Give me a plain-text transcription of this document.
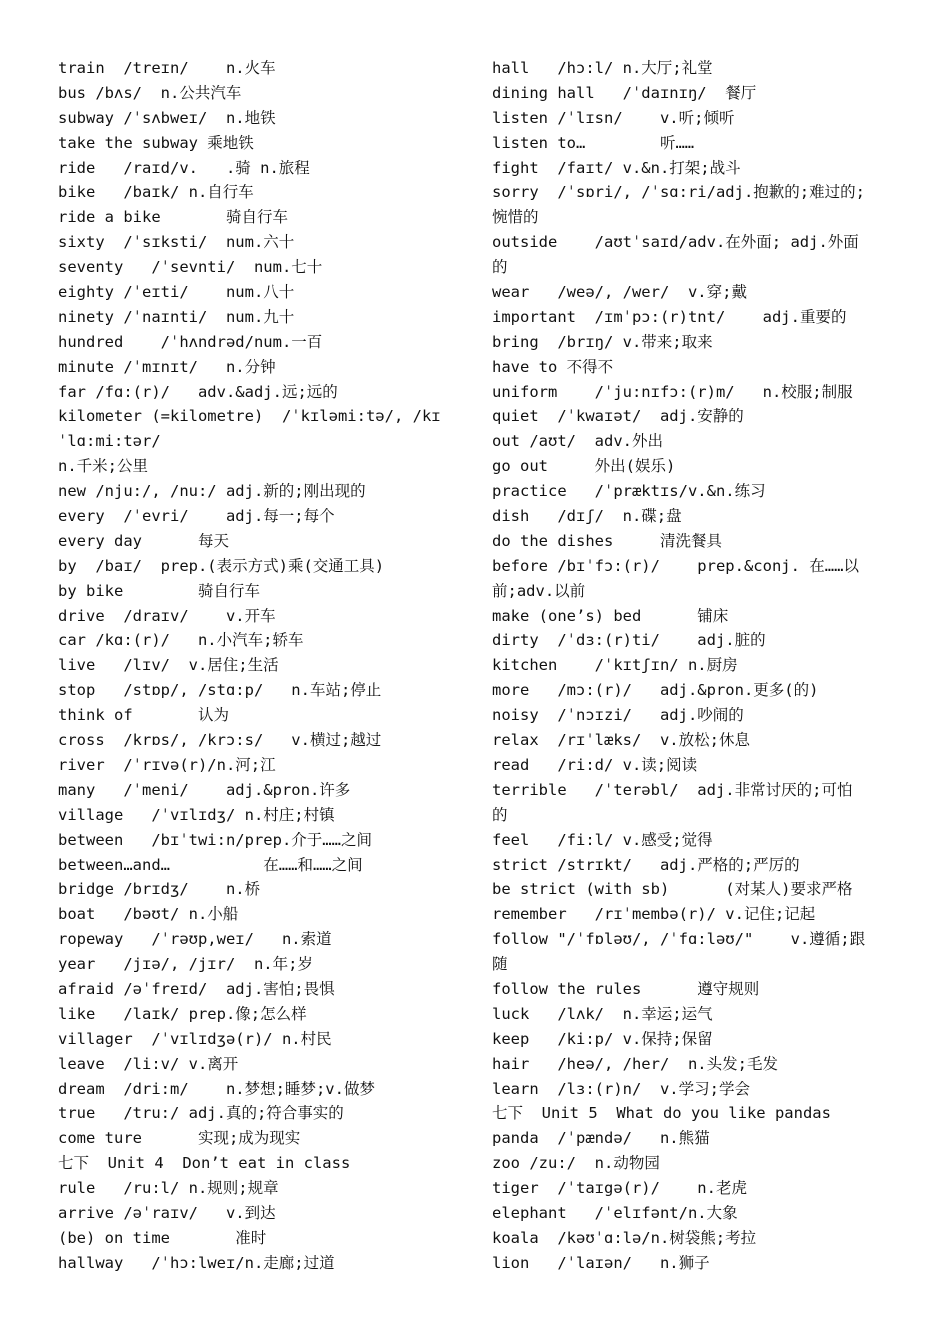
train  /treɪn/    n.火车
bus /bʌs/  n.公共汽车
subway /ˈsʌbweɪ/  n.地铁
take the subway 乘地铁
ride   /raɪd/v.   .骑 n.旅程
bike   /baɪk/ n.自行车
ride a bike       骑自行车
sixty  /ˈsɪksti/  num.六十
seventy   /ˈsevnti/  num.七十
eighty /ˈeɪti/    num.八十
ninety /ˈnaɪnti/  num.九十
hundred    /ˈhʌndrəd/num.一百
minute /ˈmɪnɪt/   n.分钟
far /fɑ:(r)/   adv.&adj.远;远的
kilometer (=kilometre)  /ˈkɪləmi:tə/, /kɪ
ˈlɑ:mi:tər/
n.千米;公里
new /nju:/, /nu:/ adj.新的;刚出现的
every  /ˈevri/    adj.每一;每个
every day      每天
by  /baɪ/  prep.(表示方式)乘(交通工具)
by bike        骑自行车
drive  /draɪv/    v.开车
car /kɑ:(r)/   n.小汽车;轿车
live   /lɪv/  v.居住;生活
stop   /stɒp/, /stɑ:p/   n.车站;停止
think of       认为
cross  /krɒs/, /krɔ:s/   v.横过;越过
river  /ˈrɪvə(r)/n.河;江
many   /ˈmeni/    adj.&pron.许多
village   /ˈvɪlɪdʒ/ n.村庄;村镇
between   /bɪˈtwi:n/prep.介于……之间
between…and…          在……和……之间
bridge /brɪdʒ/    n.桥
boat   /bəʊt/ n.小船
ropeway   /ˈrəʊp,weɪ/   n.索道
year   /jɪə/, /jɪr/  n.年;岁
afraid /əˈfreɪd/  adj.害怕;畏惧
like   /laɪk/ prep.像;怎么样
villager  /ˈvɪlɪdʒə(r)/ n.村民
leave  /li:v/ v.离开
dream  /dri:m/    n.梦想;睡梦;v.做梦
true   /tru:/ adj.真的;符合事实的
come ture      实现;成为现实
七下  Unit 4  Don’t eat in class
rule   /ru:l/ n.规则;规章
arrive /əˈraɪv/   v.到达
(be) on time       准时
hallway   /ˈhɔ:lweɪ/n.走廊;过道
hall   /hɔ:l/ n.大厅;礼堂
dining hall   /ˈdaɪnɪŋ/  餐厅
listen /ˈlɪsn/    v.听;倾听
listen to…        听……
fight  /faɪt/ v.&n.打架;战斗
sorry  /ˈsɒri/, /ˈsɑ:ri/adj.抱歉的;难过的;
惋惜的
outside    /aʊtˈsaɪd/adv.在外面; adj.外面
的
wear   /weə/, /wer/  v.穿;戴
important  /ɪmˈpɔ:(r)tnt/    adj.重要的
bring  /brɪŋ/ v.带来;取来
have to 不得不
uniform    /ˈju:nɪfɔ:(r)m/   n.校服;制服
quiet  /ˈkwaɪət/  adj.安静的
out /aʊt/  adv.外出
go out     外出(娱乐)
practice   /ˈpræktɪs/v.&n.练习
dish   /dɪʃ/  n.碟;盘
do the dishes     清洗餐具
before /bɪˈfɔ:(r)/    prep.&conj. 在……以
前;adv.以前
make (one’s) bed      铺床
dirty  /ˈdɜ:(r)ti/    adj.脏的
kitchen    /ˈkɪtʃɪn/ n.厨房
more   /mɔ:(r)/   adj.&pron.更多(的)
noisy  /ˈnɔɪzi/   adj.吵闹的
relax  /rɪˈlæks/  v.放松;休息
read   /ri:d/ v.读;阅读
terrible   /ˈterəbl/  adj.非常讨厌的;可怕
的
feel   /fi:l/ v.感受;觉得
strict /strɪkt/   adj.严格的;严厉的
be strict (with sb)      (对某人)要求严格
remember   /rɪˈmembə(r)/ v.记住;记起
follow "/ˈfɒləʊ/, /ˈfɑ:ləʊ/"    v.遵循;跟
随
follow the rules      遵守规则
luck   /lʌk/  n.幸运;运气
keep   /ki:p/ v.保持;保留
hair   /heə/, /her/  n.头发;毛发
learn  /lɜ:(r)n/  v.学习;学会
七下  Unit 5  What do you like pandas
panda  /ˈpændə/   n.熊猫
zoo /zu:/  n.动物园
tiger  /ˈtaɪgə(r)/    n.老虎
elephant   /ˈelɪfənt/n.大象
koala  /kəʊˈɑ:lə/n.树袋熊;考拉
lion   /ˈlaɪən/   n.狮子
